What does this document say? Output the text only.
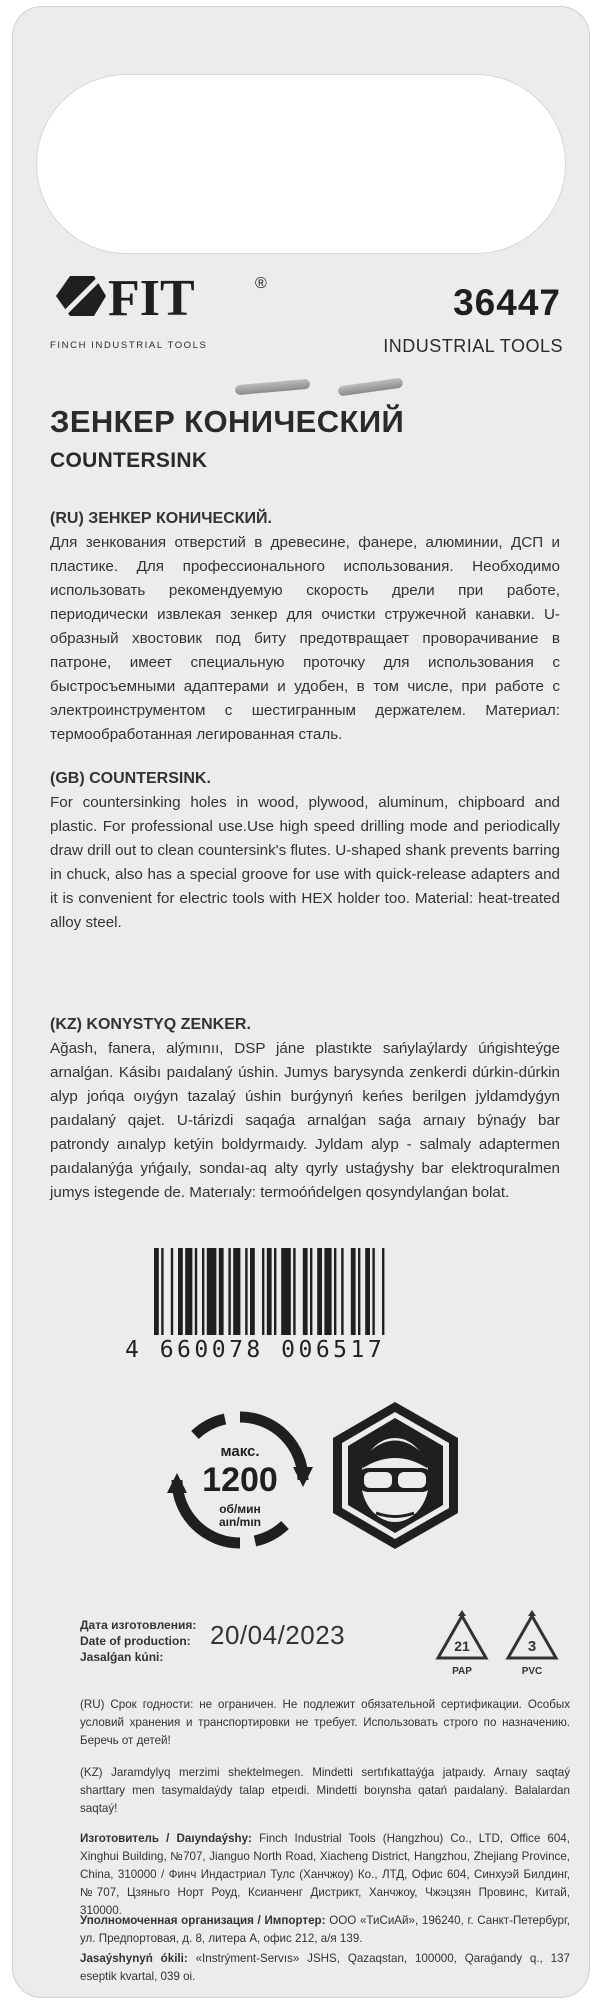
FIT	®
FINCH INDUSTRIAL TOOLS
36447
INDUSTRIAL TOOLS
ЗЕНКЕР КОНИЧЕСКИЙ
COUNTERSINK
(RU) ЗЕНКЕР КОНИЧЕСКИЙ.
Для зенкования отверстий в древесине, фанере, алюминии, ДСП и пластике. Для профессионального использования. Необходимо использовать рекомендуемую скорость дрели при работе, периодически извлекая зенкер для очистки стружечной канавки. U-образный хвостовик под биту предотвращает проворачивание в патроне, имеет специальную проточку для использования с быстросъемными адаптерами и удобен, в том числе, при работе с электроинструментом с шестигранным держателем. Материал: термообработанная легированная сталь.
(GB) COUNTERSINK.
For countersinking holes in wood, plywood, aluminum, chipboard and plastic. For professional use.Use high speed drilling mode and periodically draw drill out to clean countersink's flutes. U-shaped shank prevents barring in chuck, also has a special groove for use with quick-release adapters and it is convenient for electric tools with HEX holder too. Material: heat-treated alloy steel.
(KZ) KONYSTYQ ZENKER.
Ağash, fanera, alýmınıı, DSP jáne plastıkte sańylaýlardy úńgishteýge arnalǵan. Kásibı paıdalaný úshin. Jumys barysynda zenkerdi dúrkin-dúrkin alyp jońqa oıyǵyn tazalaý úshin burǵynyń keńes berilgen jyldamdyǵyn paıdalaný qajet. U-tárizdi saqaǵa arnalǵan saǵa arnaıy býnaǵy bar patrondy aınalyp ketýin boldyrmaıdy. Jyldam alyp - salmaly adaptermen paıdalanýǵa yńǵaıly, sondaı-aq alty qyrly ustaǵyshy bar elektroquralmen jumys istegende de. Materıaly: termoóńdelgen qosyndylanǵan bolat.
4 660078 006517
макс.
1200
об/мин
aın/mın
Дата изготовления:
Date of production:
Jasalǵan kúni:
20/04/2023	21
PAP
3
PVC
(RU) Срок годности: не ограничен. Не подлежит обязательной сертификации. Особых условий хранения и транспортировки не требует. Использовать строго по назначению. Беречь от детей!
(KZ) Jaramdylyq merzimi shektelmegen. Mindetti sertıfıkattaýǵa jatpaıdy. Arnaıy saqtaý sharttary men tasymaldaýdy talap etpeıdi. Mindetti boıynsha qatań paıdalaný. Balalardan saqtaý!
Изготовитель / Daıyndaýshy: Finch Industrial Tools (Hangzhou) Co., LTD, Office 604, Xinghui Building, №707, Jianguo North Road, Xiacheng District, Hangzhou, Zhejiang Province, China, 310000 / Финч Индастриал Тулс (Ханчжоу) Ко., ЛТД, Офис 604, Синхуэй Билдинг, №707, Цзяньго Норт Роуд, Ксианченг Дистрикт, Ханчжоу, Чжэцзян Провинс, Китай, 310000.
Уполномоченная организация / Импортер: ООО «ТиСиАй», 196240, г. Санкт-Петербург, ул. Предпортовая, д. 8, литера А, офис 212, а/я 139.
Jasaýshynyń ókili: «Instrýment-Servıs» JSHS, Qazaqstan, 100000, Qaraǵandy q., 137 eseptik kvartal, 039 oi.
